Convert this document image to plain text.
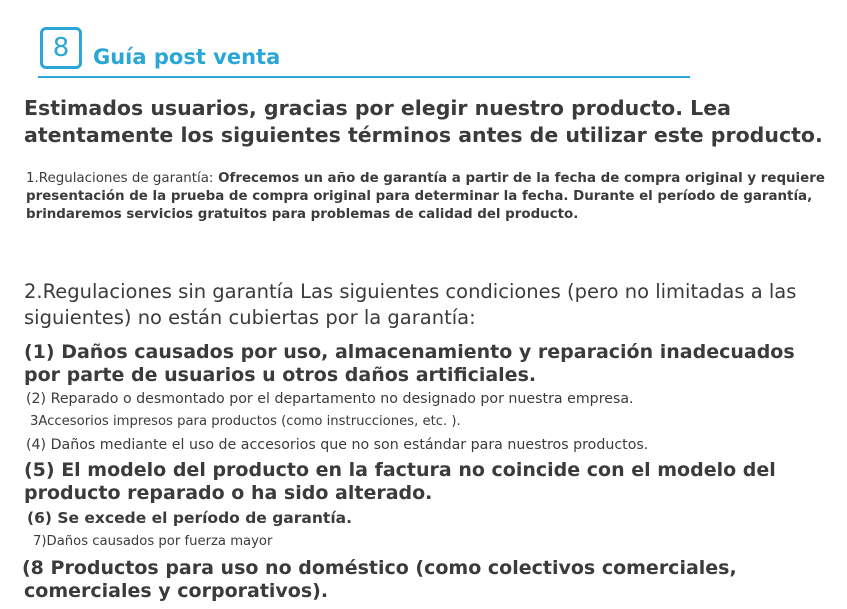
8	Guía post venta

Estimados usuarios, gracias por elegir nuestro producto. Lea atentamente los siguientes términos antes de utilizar este producto.

1.Regulaciones de garantía: Ofrecemos un año de garantía a partir de la fecha de compra original y requiere presentación de la prueba de compra original para determinar la fecha. Durante el período de garantía, brindaremos servicios gratuitos para problemas de calidad del producto.

2.Regulaciones sin garantía Las siguientes condiciones (pero no limitadas a las siguientes) no están cubiertas por la garantía:

(1) Daños causados por uso, almacenamiento y reparación inadecuados

por parte de usuarios u otros daños artificiales.

(2) Reparado o desmontado por el departamento no designado por nuestra empresa.

3Accesorios impresos para productos (como instrucciones, etc. ).

(4) Daños mediante el uso de accesorios que no son estándar para nuestros productos.

(5) El modelo del producto en la factura no coincide con el modelo del

producto reparado o ha sido alterado.

(6) Se excede el período de garantía.

7)Daños causados por fuerza mayor

(8 Productos para uso no doméstico (como colectivos comerciales,

comerciales y corporativos).
